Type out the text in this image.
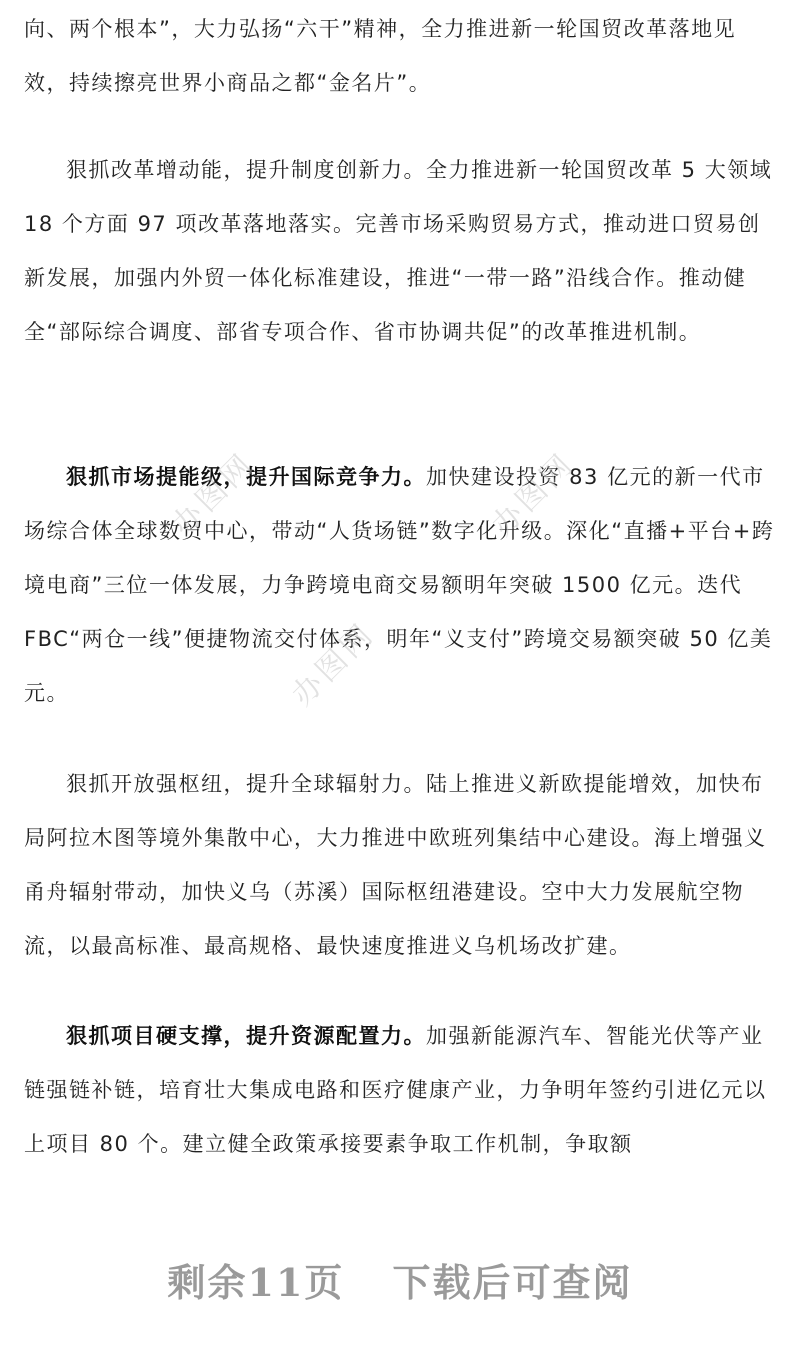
向、两个根本”，大力弘扬“六干”精神，全力推进新一轮国贸改革落地见效，持续擦亮世界小商品之都“金名片”。

狠抓改革增动能，提升制度创新力。全力推进新一轮国贸改革 5 大领域 18 个方面 97 项改革落地落实。完善市场采购贸易方式，推动进口贸易创新发展，加强内外贸一体化标准建设，推进“一带一路”沿线合作。推动健全“部际综合调度、部省专项合作、省市协调共促”的改革推进机制。

狠抓市场提能级，提升国际竞争力。加快建设投资 83 亿元的新一代市场综合体全球数贸中心，带动“人货场链”数字化升级。深化“直播+平台+跨境电商”三位一体发展，力争跨境电商交易额明年突破 1500 亿元。迭代 FBC“两仓一线”便捷物流交付体系，明年“义支付”跨境交易额突破 50 亿美元。

狠抓开放强枢纽，提升全球辐射力。陆上推进义新欧提能增效，加快布局阿拉木图等境外集散中心，大力推进中欧班列集结中心建设。海上增强义甬舟辐射带动，加快义乌（苏溪）国际枢纽港建设。空中大力发展航空物流，以最高标准、最高规格、最快速度推进义乌机场改扩建。

狠抓项目硬支撑，提升资源配置力。加强新能源汽车、智能光伏等产业链强链补链，培育壮大集成电路和医疗健康产业，力争明年签约引进亿元以上项目 80 个。建立健全政策承接要素争取工作机制，争取额

办图网	办图网
办图网
剩余11页 下载后可查阅
